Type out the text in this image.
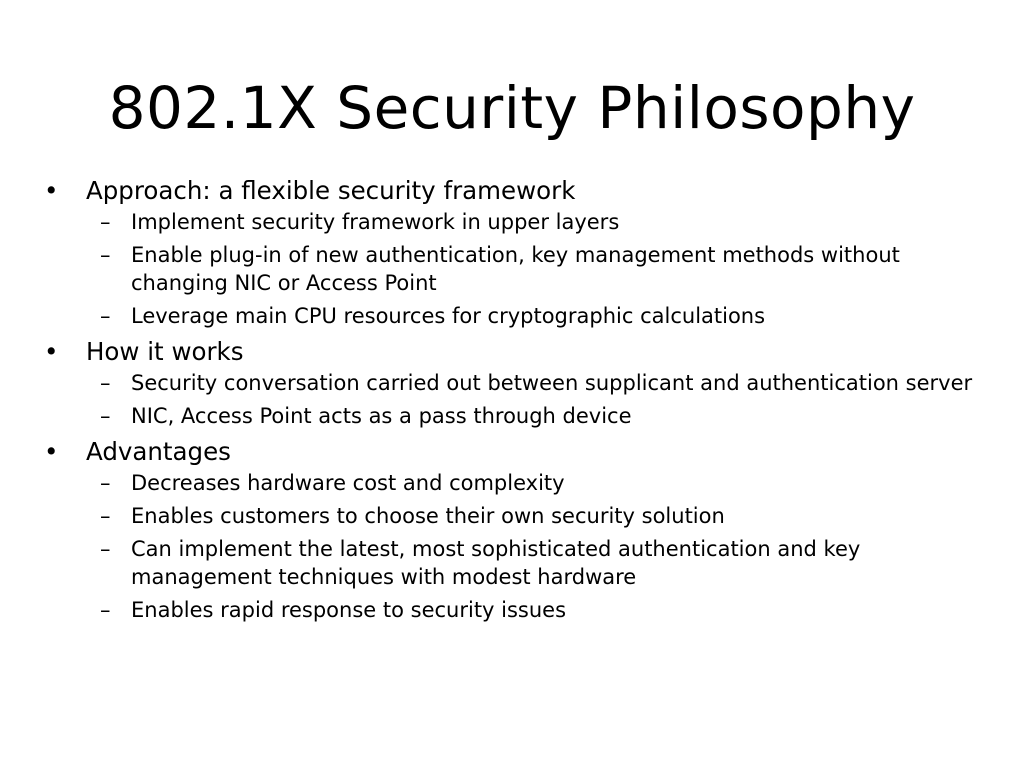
802.1X Security Philosophy
•	Approach: a flexible security framework
– Implement security framework in upper layers
– Enable plug-in of new authentication, key management methods without changing NIC or Access Point
– Leverage main CPU resources for cryptographic calculations
•	How it works
– Security conversation carried out between supplicant and authentication server
– NIC, Access Point acts as a pass through device
•	Advantages
– Decreases hardware cost and complexity
– Enables customers to choose their own security solution
– Can implement the latest, most sophisticated authentication and key management techniques with modest hardware
– Enables rapid response to security issues
